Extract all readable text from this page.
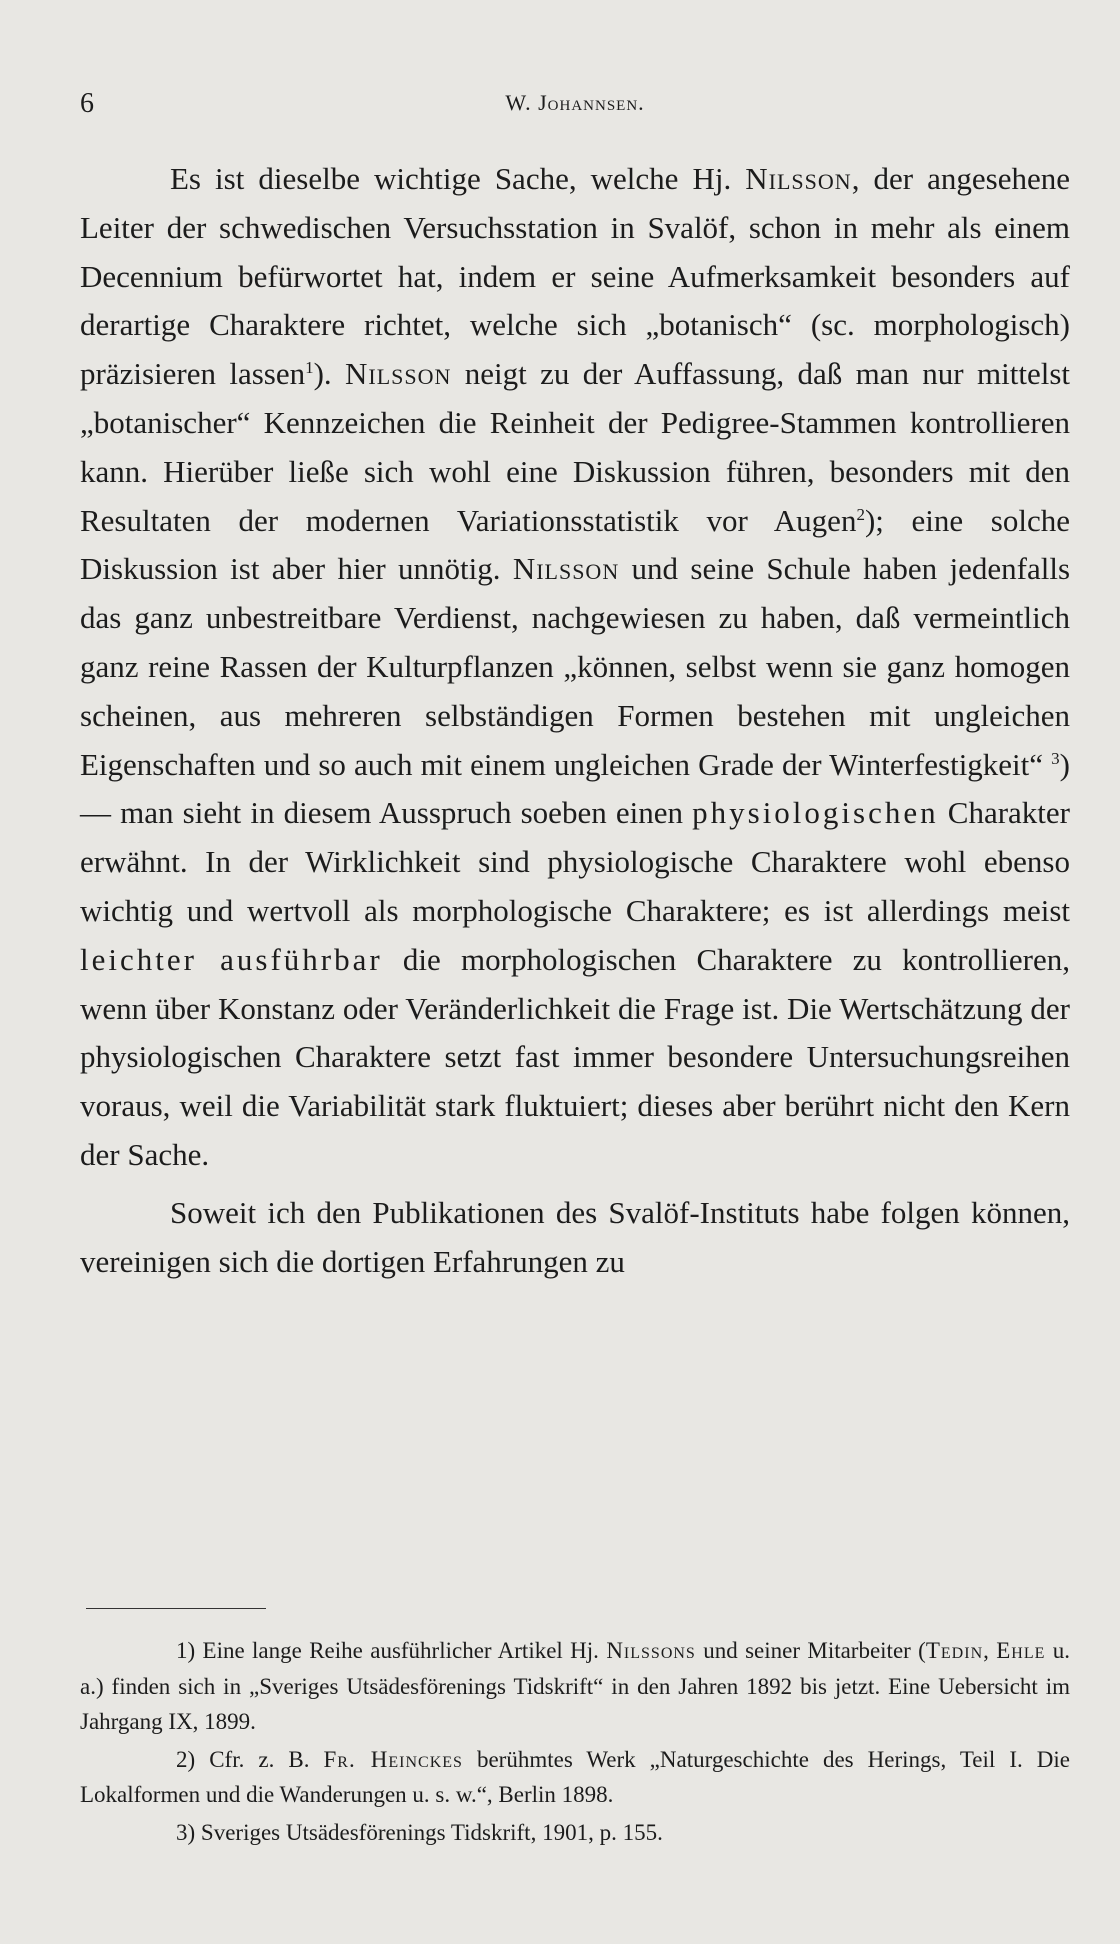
6	W. Johannsen.

Es ist dieselbe wichtige Sache, welche Hj. Nilsson, der angesehene Leiter der schwedischen Versuchsstation in Svalöf, schon in mehr als einem Decennium befürwortet hat, indem er seine Aufmerksamkeit besonders auf derartige Charaktere richtet, welche sich „botanisch“ (sc. morphologisch) präzisieren lassen$^1$). Nilsson neigt zu der Auffassung, daß man nur mittelst „botanischer“ Kennzeichen die Reinheit der Pedigree-Stammen kontrollieren kann. Hierüber ließe sich wohl eine Diskussion führen, besonders mit den Resultaten der modernen Variationsstatistik vor Augen$^2$); eine solche Diskussion ist aber hier unnötig. Nilsson und seine Schule haben jedenfalls das ganz unbestreitbare Verdienst, nachgewiesen zu haben, daß vermeintlich ganz reine Rassen der Kulturpflanzen „können, selbst wenn sie ganz homogen scheinen, aus mehreren selbständigen Formen bestehen mit ungleichen Eigenschaften und so auch mit einem ungleichen Grade der Winterfestigkeit“ $^3$) — man sieht in diesem Ausspruch soeben einen physiologischen Charakter erwähnt. In der Wirklichkeit sind physiologische Charaktere wohl ebenso wichtig und wertvoll als morphologische Charaktere; es ist allerdings meist leichter ausführbar die morphologischen Charaktere zu kontrollieren, wenn über Konstanz oder Veränderlichkeit die Frage ist. Die Wertschätzung der physiologischen Charaktere setzt fast immer besondere Untersuchungsreihen voraus, weil die Variabilität stark fluktuiert; dieses aber berührt nicht den Kern der Sache.

Soweit ich den Publikationen des Svalöf-Instituts habe folgen können, vereinigen sich die dortigen Erfahrungen zu

1) Eine lange Reihe ausführlicher Artikel Hj. Nilssons und seiner Mitarbeiter (Tedin, Ehle u. a.) finden sich in „Sveriges Utsädesförenings Tidskrift“ in den Jahren 1892 bis jetzt. Eine Uebersicht im Jahrgang IX, 1899.

2) Cfr. z. B. Fr. Heinckes berühmtes Werk „Naturgeschichte des Herings, Teil I. Die Lokalformen und die Wanderungen u. s. w.“, Berlin 1898.

3) Sveriges Utsädesförenings Tidskrift, 1901, p. 155.
